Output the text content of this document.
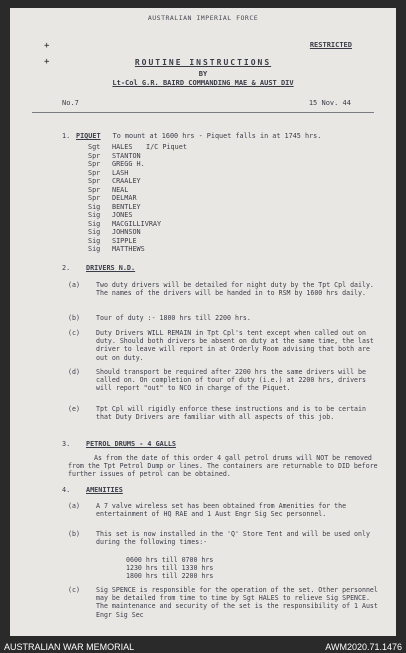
+
+
AUSTRALIAN IMPERIAL FORCE
RESTRICTED
ROUTINE INSTRUCTIONS
BY
Lt-Col G.R. BAIRD COMMANDING MAE & AUST DIV
No.7	15 Nov. 44
1. PIQUET To mount at 1600 hrs - Piquet falls in at 1745 hrs.
Sgt	HALES	I/C Piquet
Spr	STANTON
Spr	GREGG H.
Spr	LASH
Spr	CRAALEY
Spr	NEAL
Spr	DELMAR
Sig	BENTLEY
Sig	JONES
Sig	MACGILLIVRAY
Sig	JOHNSON
Sig	SIPPLE
Sig	MATTHEWS
2. DRIVERS N.D.
(a) Two duty drivers will be detailed for night duty by the Tpt Cpl daily. The names of the drivers will be handed in to RSM by 1600 hrs daily.
(b) Tour of duty :- 1800 hrs till 2200 hrs.
(c) Duty Drivers WILL REMAIN in Tpt Cpl's tent except when called out on duty. Should both drivers be absent on duty at the same time, the last driver to leave will report in at Orderly Room advising that both are out on duty.
(d) Should transport be required after 2200 hrs the same drivers will be called on. On completion of tour of duty (i.e.) at 2200 hrs, drivers will report "out" to NCO in charge of the Piquet.
(e) Tpt Cpl will rigidly enforce these instructions and is to be certain that Duty Drivers are familiar with all aspects of this job.
3. PETROL DRUMS - 4 GALLS
As from the date of this order 4 gall petrol drums will NOT be removed from the Tpt Petrol Dump or lines. The containers are returnable to DID before further issues of petrol can be obtained.
4. AMENITIES
(a) A 7 valve wireless set has been obtained from Amenities for the entertainment of HQ RAE and 1 Aust Engr Sig Sec personnel.
(b) This set is now installed in the 'Q' Store Tent and will be used only during the following times:-
0600 hrs till 0700 hrs
1230 hrs till 1330 hrs
1800 hrs till 2200 hrs
(c) Sig SPENCE is responsible for the operation of the set. Other personnel may be detailed from time to time by Sgt HALES to relieve Sig SPENCE. The maintenance and security of the set is the responsibility of 1 Aust Engr Sig Sec
AUSTRALIAN WAR MEMORIAL	AWM2020.71.1476
